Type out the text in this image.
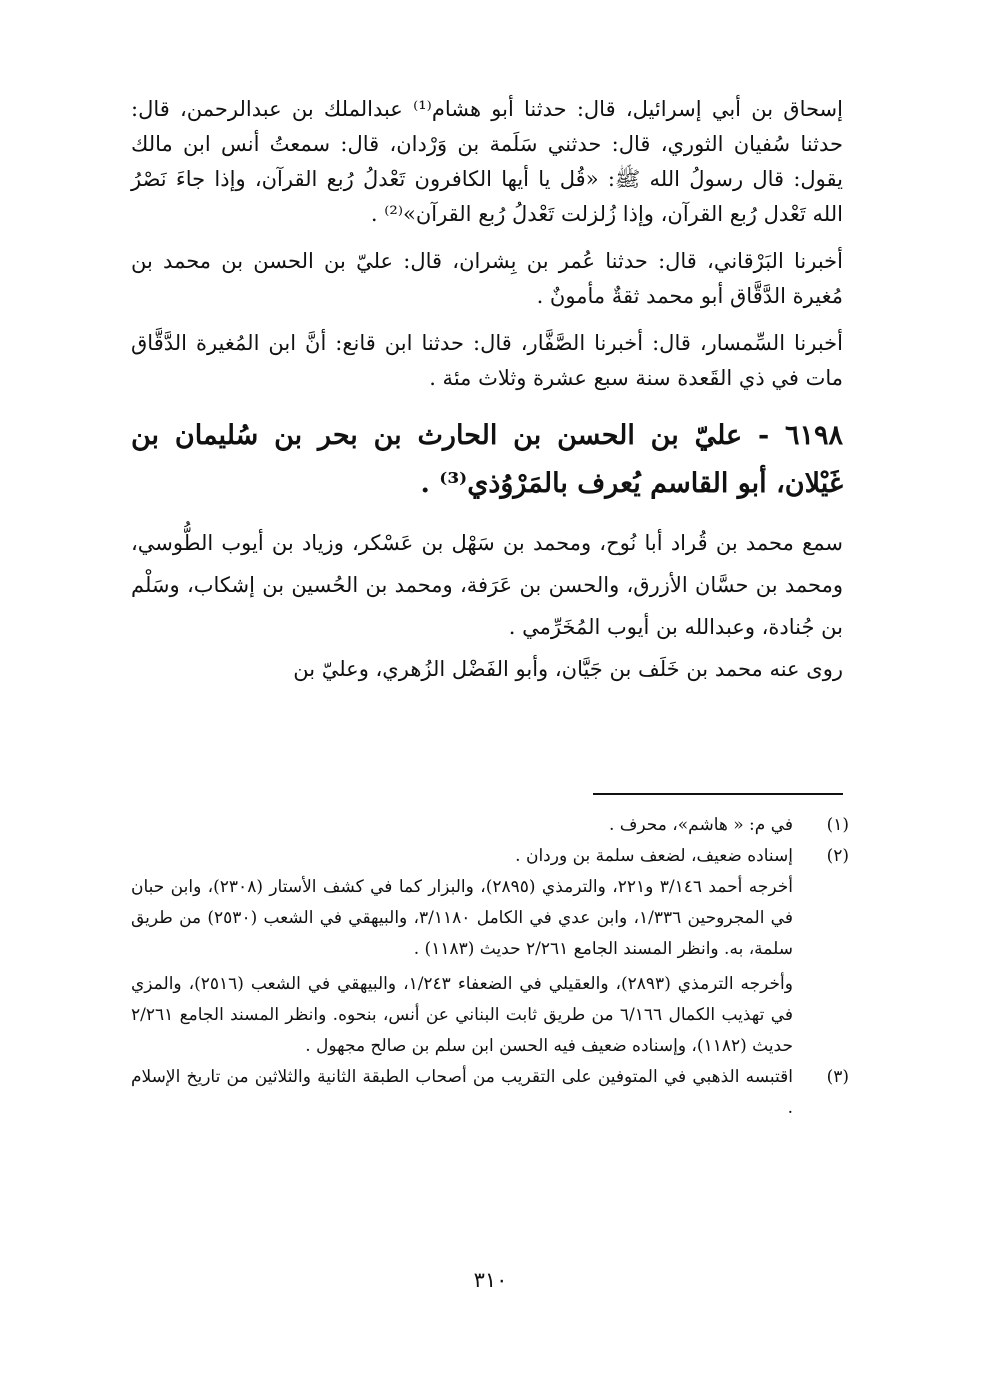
إسحاق بن أبي إسرائيل، قال: حدثنا أبو هشام⁽¹⁾ عبدالملك بن عبدالرحمن، قال: حدثنا سُفيان الثوري، قال: حدثني سَلَمة بن وَرْدان، قال: سمعتُ أنس ابن مالك يقول: قال رسولُ الله ﷺ: «قُل يا أيها الكافرون تَعْدلُ رُبع القرآن، وإذا جاءَ نَصْرُ الله تَعْدل رُبع القرآن، وإذا زُلزلت تَعْدلُ رُبع القرآن»⁽²⁾ .

أخبرنا البَرْقاني، قال: حدثنا عُمر بن بِشران، قال: عليّ بن الحسن بن محمد بن مُغيرة الدَّقَّاق أبو محمد ثقةٌ مأمونٌ .

أخبرنا السِّمسار، قال: أخبرنا الصَّفَّار، قال: حدثنا ابن قانع: أنَّ ابن المُغيرة الدَّقَّاق مات في ذي القَعدة سنة سبع عشرة وثلاث مئة .

٦١٩٨ - عليّ بن الحسن بن الحارث بن بحر بن سُليمان بن غَيْلان، أبو القاسم يُعرف بالمَرْوُذي⁽³⁾ .

سمع محمد بن قُراد أبا نُوح، ومحمد بن سَهْل بن عَسْكر، وزياد بن أيوب الطُّوسي، ومحمد بن حسَّان الأزرق، والحسن بن عَرَفة، ومحمد بن الحُسين بن إشكاب، وسَلْم بن جُنادة، وعبدالله بن أيوب المُخَرِّمي .

روى عنه محمد بن خَلَف بن جَيَّان، وأبو الفَضْل الزُهري، وعليّ بن

(١)
في م: « هاشم»، محرف .
(٢)
إسناده ضعيف، لضعف سلمة بن وردان .

أخرجه أحمد ٣/١٤٦ و٢٢١، والترمذي (٢٨٩٥)، والبزار كما في كشف الأستار (٢٣٠٨)، وابن حبان في المجروحين ١/٣٣٦، وابن عدي في الكامل ٣/١١٨٠، والبيهقي في الشعب (٢٥٣٠) من طريق سلمة، به. وانظر المسند الجامع ٢/٢٦١ حديث (١١٨٣) .

وأخرجه الترمذي (٢٨٩٣)، والعقيلي في الضعفاء ١/٢٤٣، والبيهقي في الشعب (٢٥١٦)، والمزي في تهذيب الكمال ٦/١٦٦ من طريق ثابت البناني عن أنس، بنحوه. وانظر المسند الجامع ٢/٢٦١ حديث (١١٨٢)، وإسناده ضعيف فيه الحسن ابن سلم بن صالح مجهول .

(٣)
اقتبسه الذهبي في المتوفين على التقريب من أصحاب الطبقة الثانية والثلاثين من تاريخ الإسلام .
٣١٠
